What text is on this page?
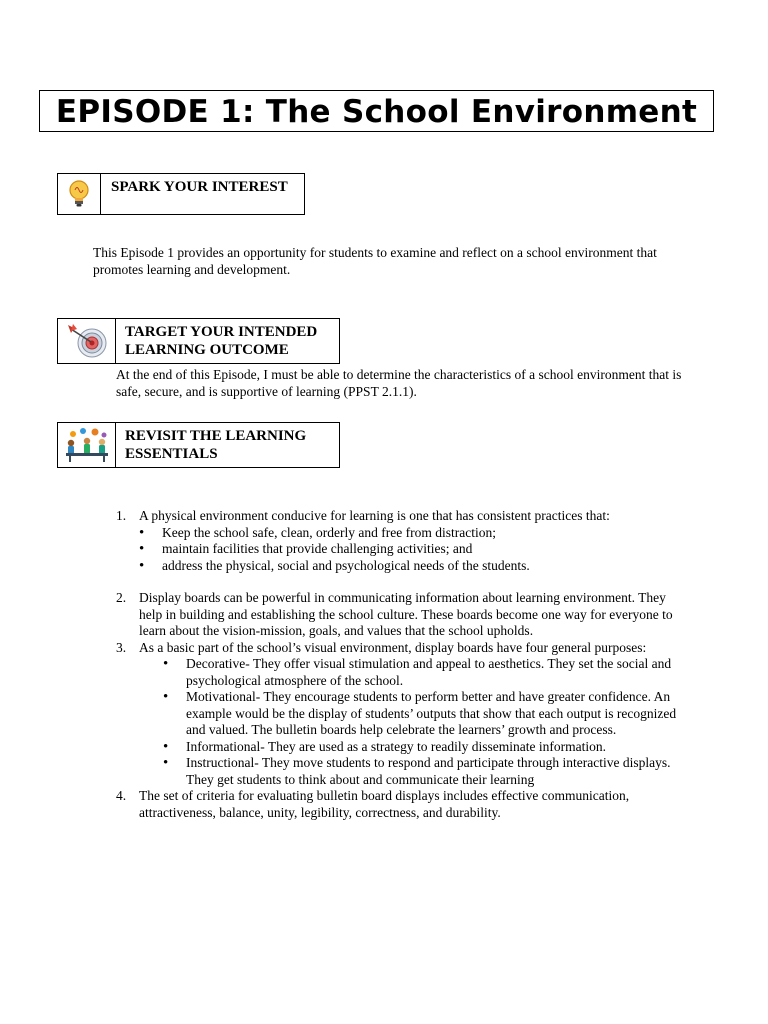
EPISODE 1: The School Environment
SPARK YOUR INTEREST
This Episode 1 provides an opportunity for students to examine and reflect on a school environment that promotes learning and development.
TARGET YOUR INTENDED
LEARNING OUTCOME
At the end of this Episode, I must be able to determine the characteristics of a school environment that is safe, secure, and is supportive of learning (PPST 2.1.1).
REVISIT THE LEARNING
ESSENTIALS
1. A physical environment conducive for learning is one that has consistent practices that:
• Keep the school safe, clean, orderly and free from distraction;
• maintain facilities that provide challenging activities; and
• address the physical, social and psychological needs of the students.
2. Display boards can be powerful in communicating information about learning environment. They help in building and establishing the school culture. These boards become one way for everyone to learn about the vision-mission, goals, and values that the school upholds.
3. As a basic part of the school’s visual environment, display boards have four general purposes:
• Decorative- They offer visual stimulation and appeal to aesthetics. They set the social and psychological atmosphere of the school.
• Motivational- They encourage students to perform better and have greater confidence. An example would be the display of students’ outputs that show that each output is recognized and valued. The bulletin boards help celebrate the learners’ growth and process.
• Informational- They are used as a strategy to readily disseminate information.
• Instructional- They move students to respond and participate through interactive displays. They get students to think about and communicate their learning
4. The set of criteria for evaluating bulletin board displays includes effective communication, attractiveness, balance, unity, legibility, correctness, and durability.
